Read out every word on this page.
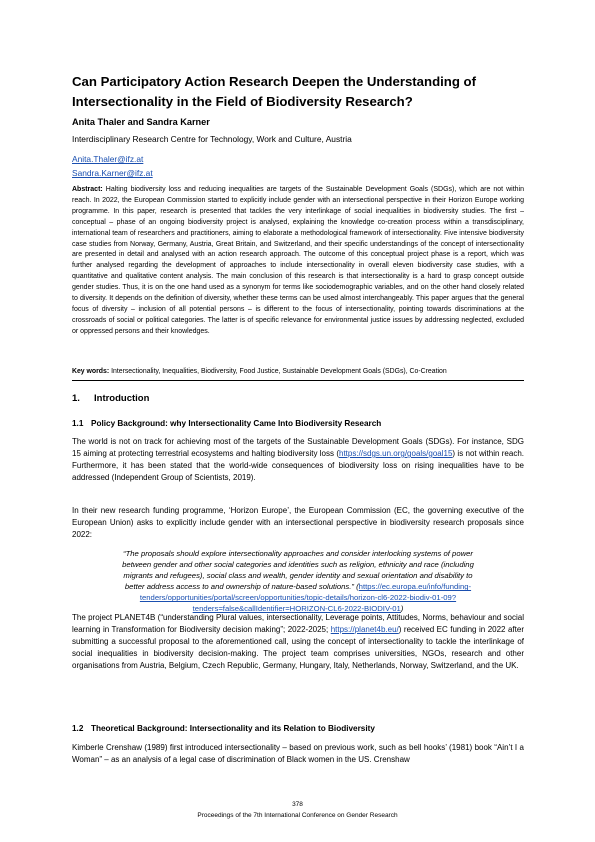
Can Participatory Action Research Deepen the Understanding of Intersectionality in the Field of Biodiversity Research?

Anita Thaler and Sandra Karner

Interdisciplinary Research Centre for Technology, Work and Culture, Austria

Anita.Thaler@ifz.at
Sandra.Karner@ifz.at

Abstract: Halting biodiversity loss and reducing inequalities are targets of the Sustainable Development Goals (SDGs), which are not within reach. In 2022, the European Commission started to explicitly include gender with an intersectional perspective in their Horizon Europe working programme. In this paper, research is presented that tackles the very interlinkage of social inequalities in biodiversity studies. The first – conceptual – phase of an ongoing biodiversity project is analysed, explaining the knowledge co-creation process within a transdisciplinary, international team of researchers and practitioners, aiming to elaborate a methodological framework of intersectionality. Five intensive biodiversity case studies from Norway, Germany, Austria, Great Britain, and Switzerland, and their specific understandings of the concept of intersectionality are presented in detail and analysed with an action research approach. The outcome of this conceptual project phase is a report, which was further analysed regarding the development of approaches to include intersectionality in overall eleven biodiversity case studies, with a quantitative and qualitative content analysis. The main conclusion of this research is that intersectionality is a hard to grasp concept outside gender studies. Thus, it is on the one hand used as a synonym for terms like sociodemographic variables, and on the other hand closely related to diversity. It depends on the definition of diversity, whether these terms can be used almost interchangeably. This paper argues that the general focus of diversity – inclusion of all potential persons – is different to the focus of intersectionality, pointing towards discriminations at the crossroads of social or political categories. The latter is of specific relevance for environmental justice issues by addressing neglected, excluded or oppressed persons and their knowledges.

Key words: Intersectionality, Inequalities, Biodiversity, Food Justice, Sustainable Development Goals (SDGs), Co-Creation

1. Introduction
1.1 Policy Background: why Intersectionality Came Into Biodiversity Research

The world is not on track for achieving most of the targets of the Sustainable Development Goals (SDGs). For instance, SDG 15 aiming at protecting terrestrial ecosystems and halting biodiversity loss (https://sdgs.un.org/goals/goal15) is not within reach. Furthermore, it has been stated that the world-wide consequences of biodiversity loss on rising inequalities have to be addressed (Independent Group of Scientists, 2019).

In their new research funding programme, ‘Horizon Europe’, the European Commission (EC, the governing executive of the European Union) asks to explicitly include gender with an intersectional perspective in biodiversity research proposals since 2022:

“The proposals should explore intersectionality approaches and consider interlocking systems of power between gender and other social categories and identities such as religion, ethnicity and race (including migrants and refugees), social class and wealth, gender identity and sexual orientation and disability to better address access to and ownership of nature-based solutions.” (https://ec.europa.eu/info/funding-tenders/opportunities/portal/screen/opportunities/topic-details/horizon-cl6-2022-biodiv-01-09?tenders=false&callIdentifier=HORIZON-CL6-2022-BIODIV-01)

The project PLANET4B (“understanding Plural values, intersectionality, Leverage points, Attitudes, Norms, behaviour and social learning in Transformation for Biodiversity decision making”; 2022-2025; https://planet4b.eu/) received EC funding in 2022 after submitting a successful proposal to the aforementioned call, using the concept of intersectionality to tackle the interlinkage of social inequalities in biodiversity decision-making. The project team comprises universities, NGOs, research and other organisations from Austria, Belgium, Czech Republic, Germany, Hungary, Italy, Netherlands, Norway, Switzerland, and the UK.

1.2 Theoretical Background: Intersectionality and its Relation to Biodiversity

Kimberle Crenshaw (1989) first introduced intersectionality – based on previous work, such as bell hooks’ (1981) book “Ain’t I a Woman” – as an analysis of a legal case of discrimination of Black women in the US. Crenshaw

378

Proceedings of the 7th International Conference on Gender Research
